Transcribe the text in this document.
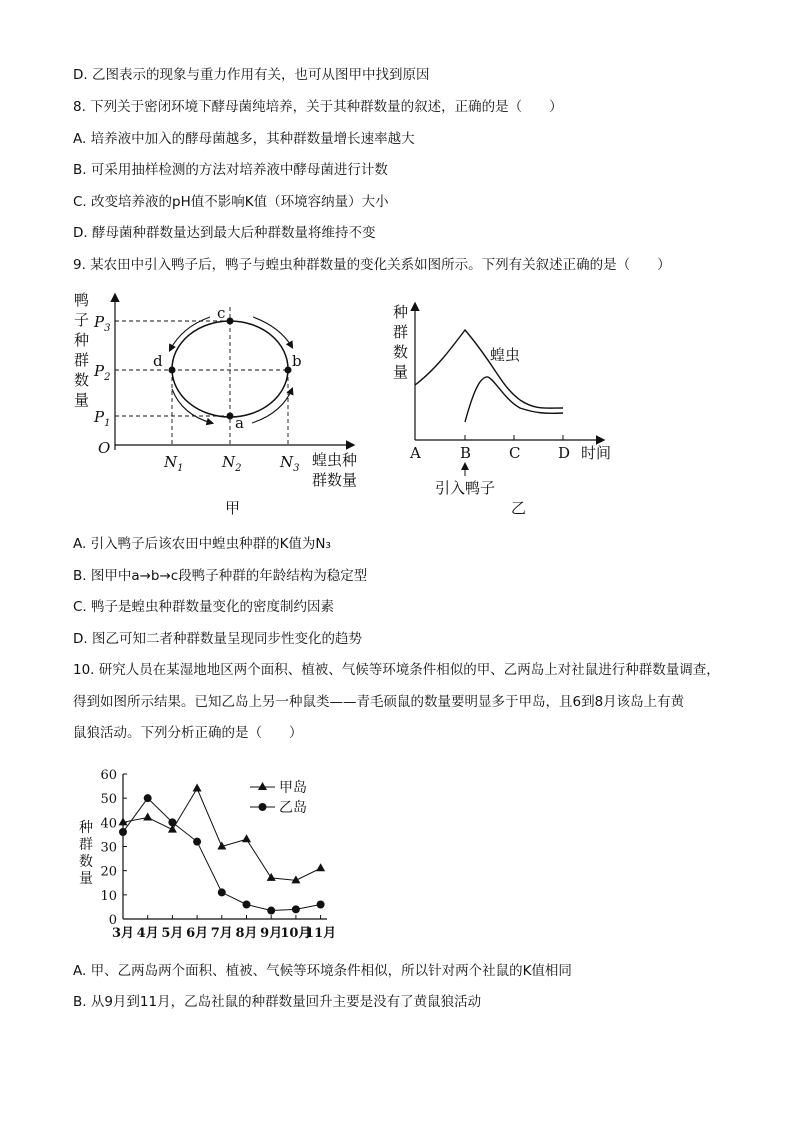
D. 乙图表示的现象与重力作用有关，也可从图甲中找到原因
8. 下列关于密闭环境下酵母菌纯培养，关于其种群数量的叙述，正确的是（　　）
A. 培养液中加入的酵母菌越多，其种群数量增长速率越大
B. 可采用抽样检测的方法对培养液中酵母菌进行计数
C. 改变培养液的pH值不影响K值（环境容纳量）大小
D. 酵母菌种群数量达到最大后种群数量将维持不变
9. 某农田中引入鸭子后，鸭子与蝗虫种群数量的变化关系如图所示。下列有关叙述正确的是（　　）
A. 引入鸭子后该农田中蝗虫种群的K值为N₃
B. 图甲中a→b→c段鸭子种群的年龄结构为稳定型
C. 鸭子是蝗虫种群数量变化的密度制约因素
D. 图乙可知二者种群数量呈现同步性变化的趋势
10. 研究人员在某湿地地区两个面积、植被、气候等环境条件相似的甲、乙两岛上对社鼠进行种群数量调查，
得到如图所示结果。已知乙岛上另一种鼠类——青毛硕鼠的数量要明显多于甲岛，且6到8月该岛上有黄
鼠狼活动。下列分析正确的是（　　）
A. 甲、乙两岛两个面积、植被、气候等环境条件相似，所以针对两个社鼠的K值相同
B. 从9月到11月，乙岛社鼠的种群数量回升主要是没有了黄鼠狼活动
鸭
子
种
群
数
量
O
$P_3$
$P_2$
$P_1$
$N_1$	$N_2$	$N_3$ 蝗虫种
群数量
c
d	b
a
甲
种
群
数
量
蝗虫
A	B	C	D 时间
引入鸭子
乙
种
群
数
量
0
10
20
30
40
50
60
3月 4月 5月 6月 7月 8月 9月
10月
11月
甲岛
乙岛
